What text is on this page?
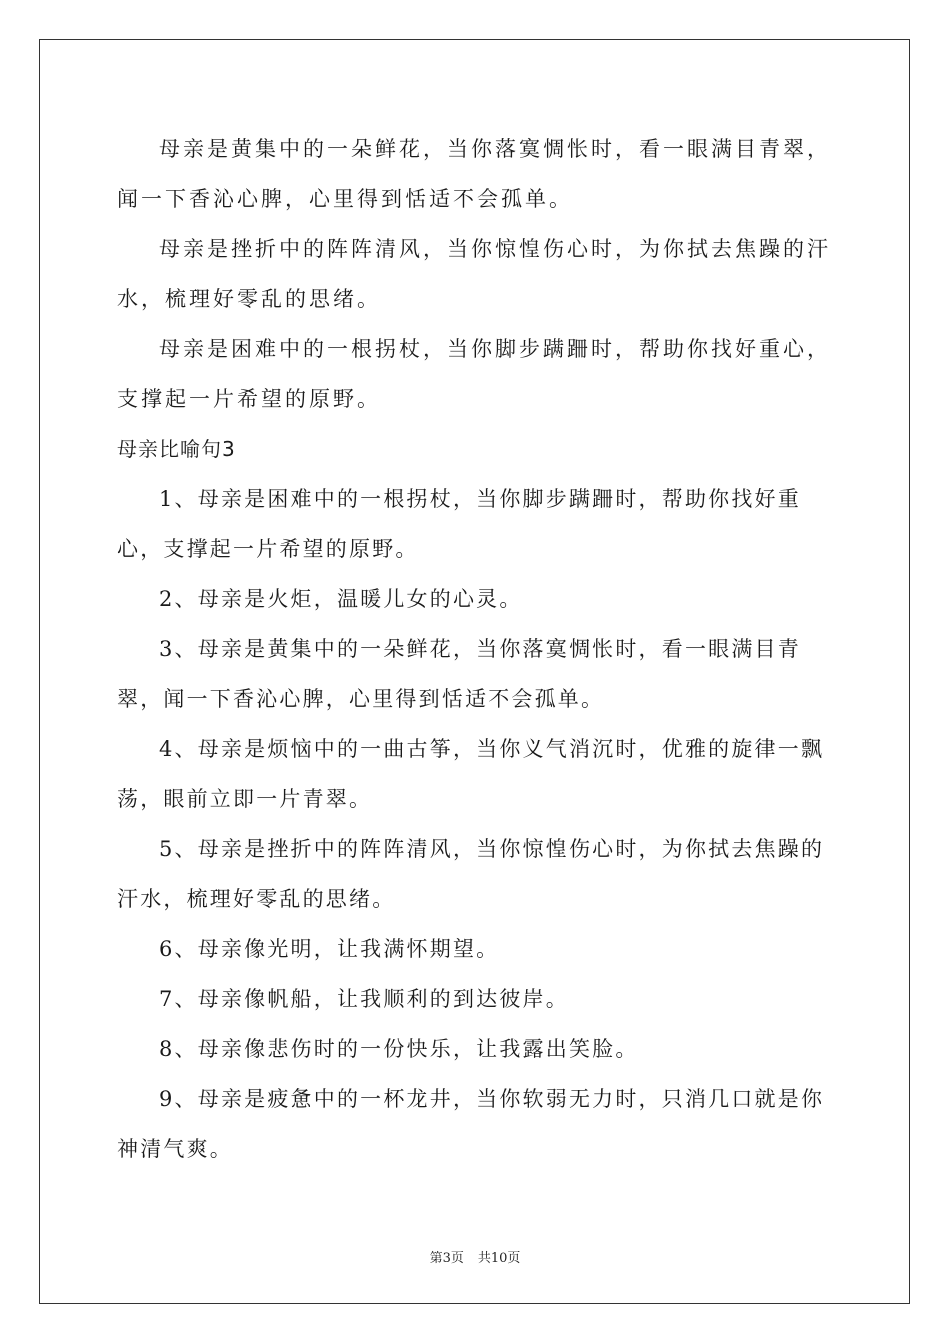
母亲是黄集中的一朵鲜花，当你落寞惆怅时，看一眼满目青翠，闻一下香沁心脾，心里得到恬适不会孤单。

母亲是挫折中的阵阵清风，当你惊惶伤心时，为你拭去焦躁的汗水，梳理好零乱的思绪。

母亲是困难中的一根拐杖，当你脚步蹒跚时，帮助你找好重心，支撑起一片希望的原野。

母亲比喻句3

1、母亲是困难中的一根拐杖，当你脚步蹒跚时，帮助你找好重心，支撑起一片希望的原野。

2、母亲是火炬，温暖儿女的心灵。

3、母亲是黄集中的一朵鲜花，当你落寞惆怅时，看一眼满目青翠，闻一下香沁心脾，心里得到恬适不会孤单。

4、母亲是烦恼中的一曲古筝，当你义气消沉时，优雅的旋律一飘荡，眼前立即一片青翠。

5、母亲是挫折中的阵阵清风，当你惊惶伤心时，为你拭去焦躁的汗水，梳理好零乱的思绪。

6、母亲像光明，让我满怀期望。

7、母亲像帆船，让我顺利的到达彼岸。

8、母亲像悲伤时的一份快乐，让我露出笑脸。

9、母亲是疲惫中的一杯龙井，当你软弱无力时，只消几口就是你神清气爽。

第3页 共10页
